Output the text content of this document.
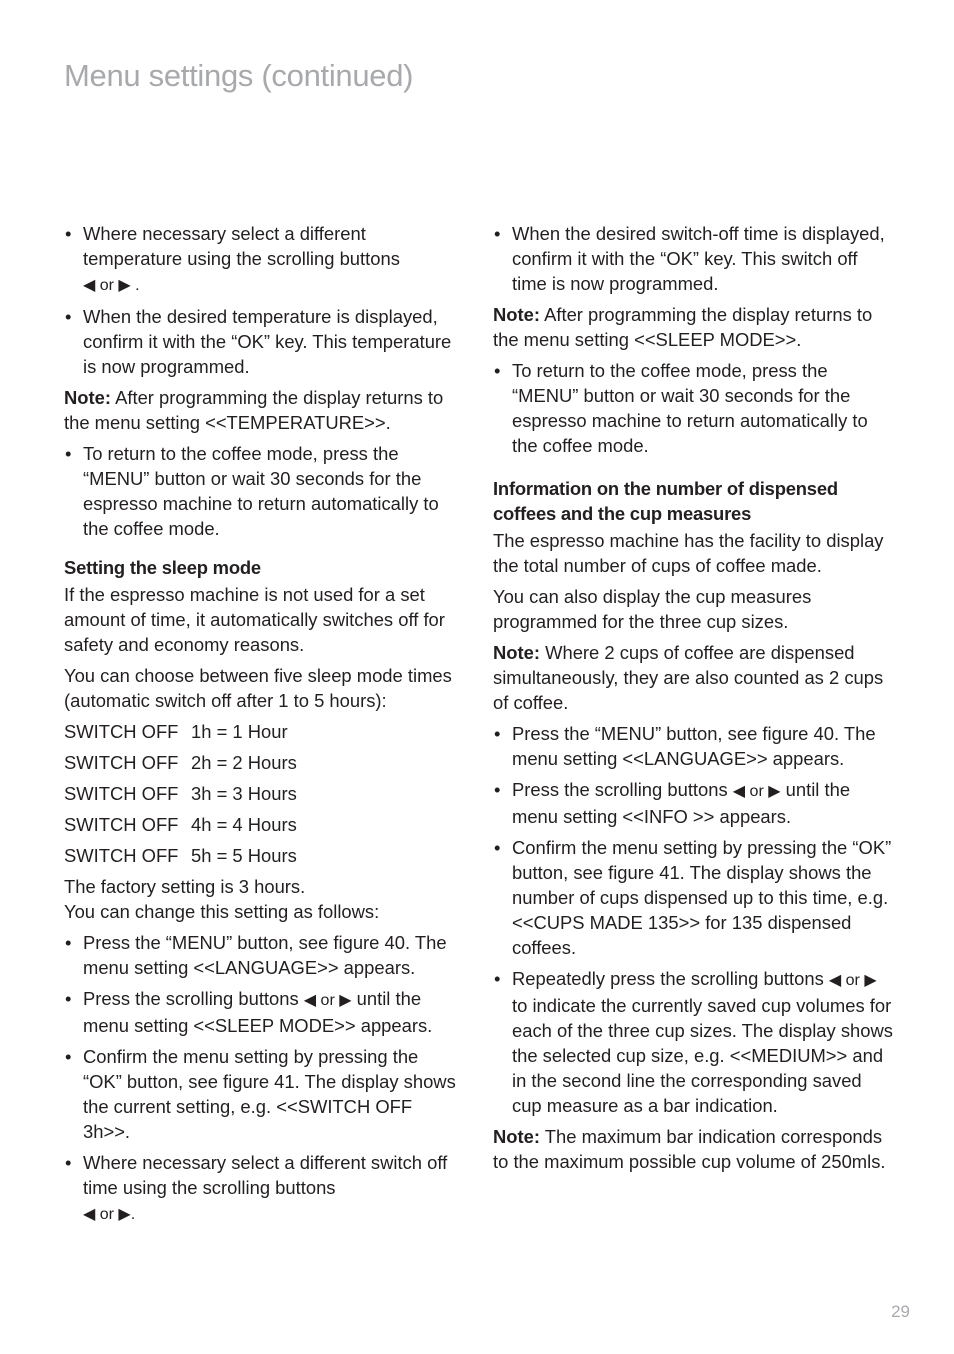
Menu settings (continued)
• Where necessary select a different temperature using the scrolling buttons
◀ or ▶ .
• When the desired temperature is displayed, confirm it with the “OK” key. This temperature is now programmed.

Note: After programming the display returns to the menu setting <<TEMPERATURE>>.

• To return to the coffee mode, press the “MENU” button or wait 30 seconds for the espresso machine to return automatically to the coffee mode.

Setting the sleep mode

If the espresso machine is not used for a set amount of time, it automatically switches off for safety and economy reasons.

You can choose between five sleep mode times (automatic switch off after 1 to 5 hours):

SWITCH OFF 1h = 1 Hour
SWITCH OFF 2h = 2 Hours
SWITCH OFF 3h = 3 Hours
SWITCH OFF 4h = 4 Hours
SWITCH OFF 5h = 5 Hours

The factory setting is 3 hours.
You can change this setting as follows:

• Press the “MENU” button, see figure 40. The menu setting <<LANGUAGE>> appears.
• Press the scrolling buttons ◀ or ▶ until the menu setting <<SLEEP MODE>> appears.
• Confirm the menu setting by pressing the “OK” button, see figure 41. The display shows the current setting, e.g. <<SWITCH OFF 3h>>.
• Where necessary select a different switch off time using the scrolling buttons
◀ or ▶.
• When the desired switch-off time is displayed, confirm it with the “OK” key. This switch off time is now programmed.

Note: After programming the display returns to the menu setting <<SLEEP MODE>>.

• To return to the coffee mode, press the “MENU” button or wait 30 seconds for the espresso machine to return automatically to the coffee mode.

Information on the number of dispensed coffees and the cup measures

The espresso machine has the facility to display the total number of cups of coffee made.

You can also display the cup measures programmed for the three cup sizes.

Note: Where 2 cups of coffee are dispensed simultaneously, they are also counted as 2 cups of coffee.

• Press the “MENU” button, see figure 40. The menu setting <<LANGUAGE>> appears.
• Press the scrolling buttons ◀ or ▶ until the menu setting <<INFO >> appears.
• Confirm the menu setting by pressing the “OK” button, see figure 41. The display shows the number of cups dispensed up to this time, e.g. <<CUPS MADE 135>> for 135 dispensed coffees.
• Repeatedly press the scrolling buttons ◀ or ▶ to indicate the currently saved cup volumes for each of the three cup sizes. The display shows the selected cup size, e.g. <<MEDIUM>> and in the second line the corresponding saved cup measure as a bar indication.

Note: The maximum bar indication corresponds to the maximum possible cup volume of 250mls.

29
